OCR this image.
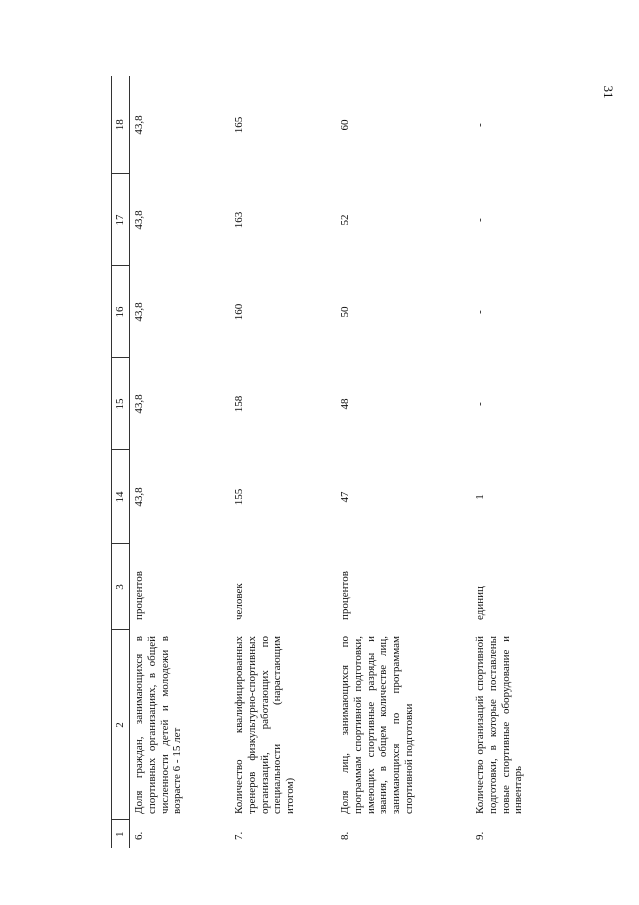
31
1	2	3	14	15	16	17	18
6.	Доля граждан, занимающихся в спортивных организациях, в общей численности детей и молодежи в возрасте 6 - 15 лет	процентов	43,8	43,8	43,8	43,8	43,8
7.	Количество квалифицированных тренеров физкультурно-спортивных организаций, работающих по специальности (нарастающим итогом)	человек	155	158	160	163	165
8.	Доля лиц, занимающихся по программам спортивной подготовки, имеющих спортивные разряды и звания, в общем количестве лиц, занимающихся по программам спортивной подготовки	процентов	47	48	50	52	60
9.	Количество организаций спортивной подготовки, в которые поставлены новые спортивные оборудование и инвентарь	единиц	1	-	-	-	-
